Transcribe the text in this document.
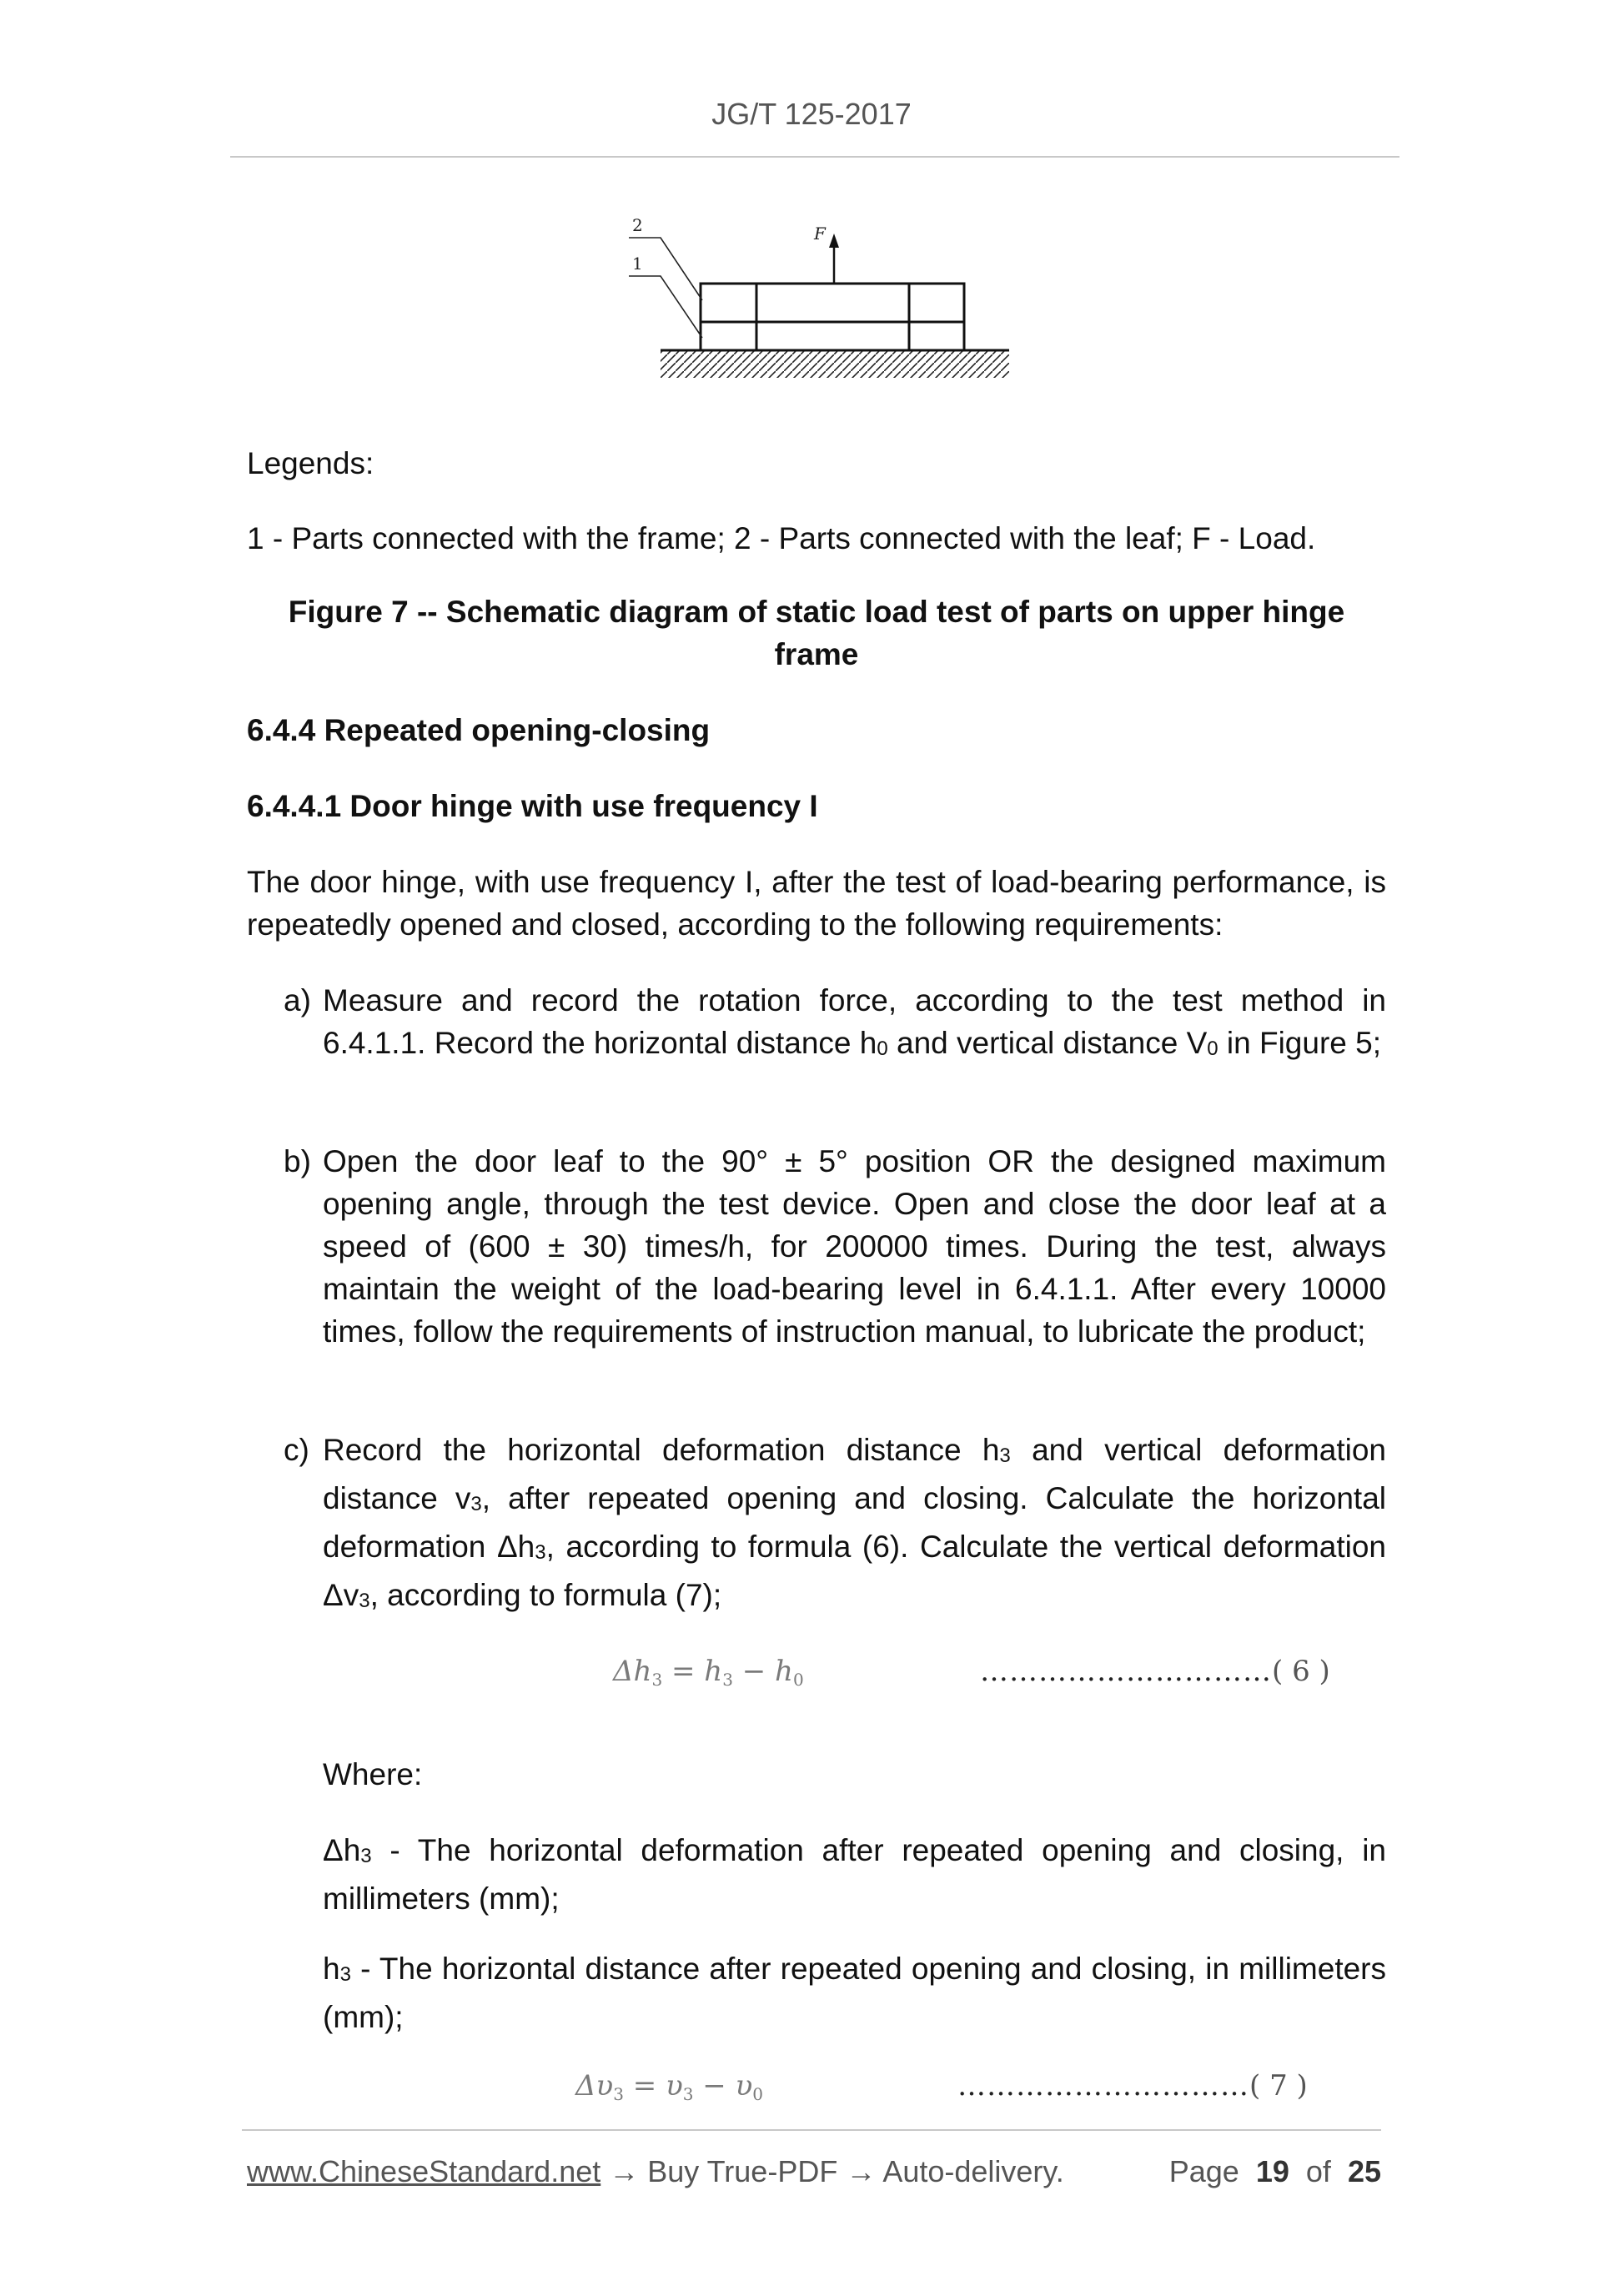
JG/T 125-2017
F
2
1
Legends:
1 - Parts connected with the frame; 2 - Parts connected with the leaf; F - Load.
Figure 7 -- Schematic diagram of static load test of parts on upper hinge
frame
6.4.4 Repeated opening-closing
6.4.4.1 Door hinge with use frequency I
The door hinge, with use frequency I, after the test of load-bearing performance, is repeatedly opened and closed, according to the following requirements:
a) Measure and record the rotation force, according to the test method in 6.4.1.1. Record the horizontal distance $h_0$ and vertical distance $V_0$ in Figure 5;
b) Open the door leaf to the 90° ± 5° position OR the designed maximum opening angle, through the test device. Open and close the door leaf at a speed of (600 ± 30) times/h, for 200000 times. During the test, always maintain the weight of the load-bearing level in 6.4.1.1. After every 10000 times, follow the requirements of instruction manual, to lubricate the product;
c) Record the horizontal deformation distance $h_3$ and vertical deformation distance $v_3$, after repeated opening and closing. Calculate the horizontal deformation $\Delta h_3$, according to formula (6). Calculate the vertical deformation $\Delta v_3$, according to formula (7);
$\Delta h_3 = h_3 - h_0$	…………………………( 6 )
Where:
$\Delta h_3$ - The horizontal deformation after repeated opening and closing, in millimeters (mm);
$h_3$ - The horizontal distance after repeated opening and closing, in millimeters (mm);
$\Delta\upsilon_3 = \upsilon_3 - \upsilon_0$	…………………………( 7 )
www.ChineseStandard.net → Buy True-PDF → Auto-delivery.	Page 19 of 25
